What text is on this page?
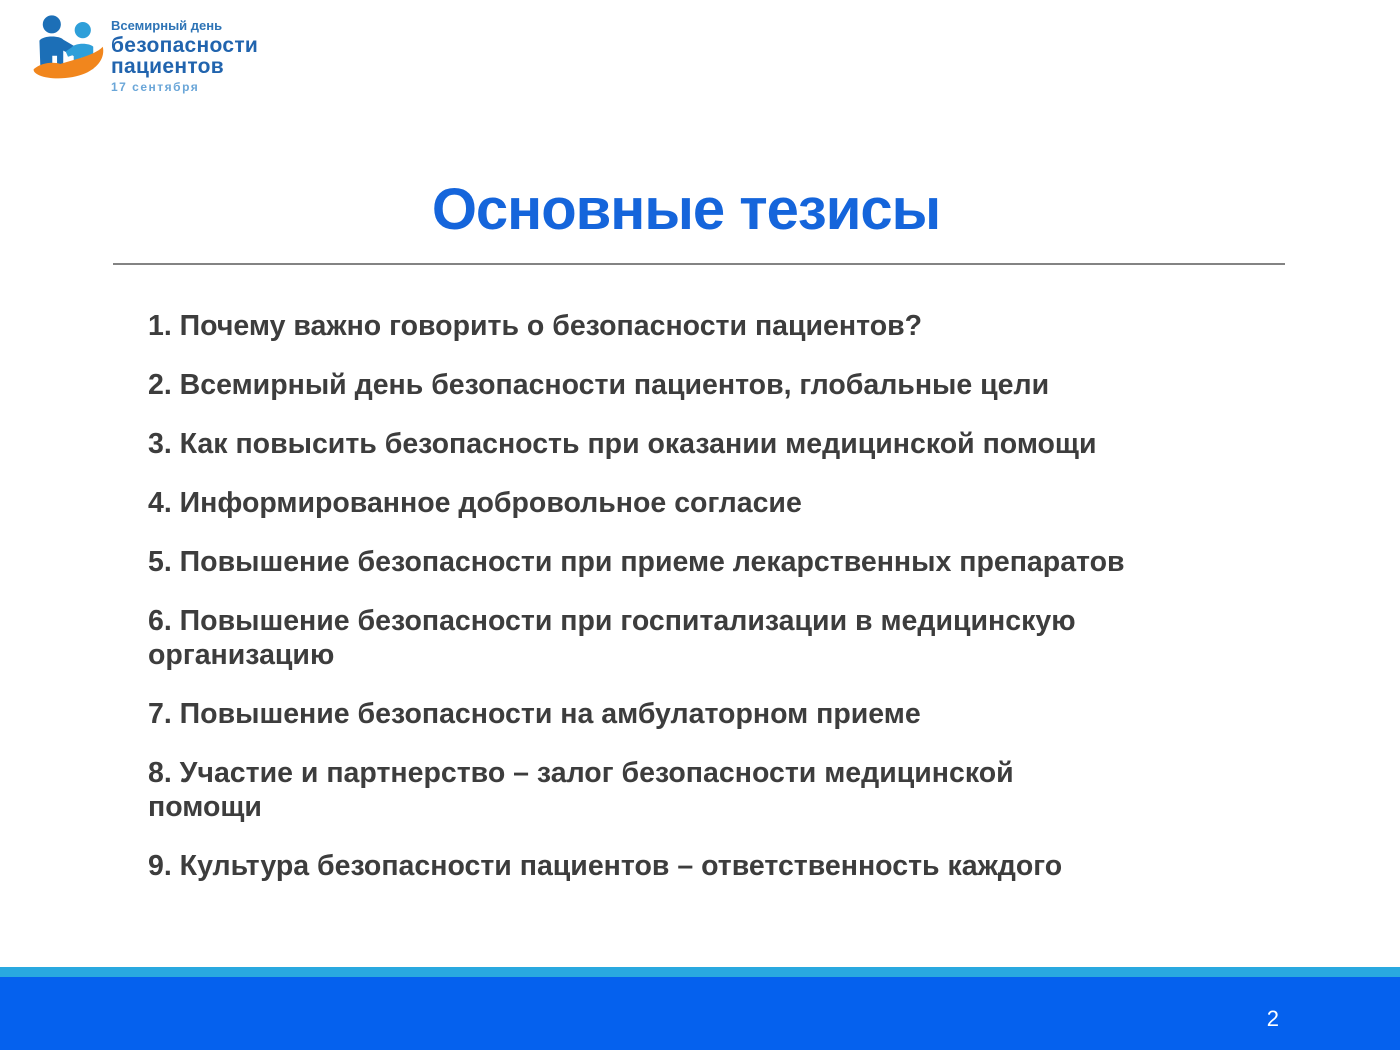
Всемирный день
безопасности
пациентов
17 сентября
Основные тезисы

1. Почему важно говорить о безопасности пациентов?

2. Всемирный день безопасности пациентов, глобальные цели

3. Как повысить безопасность при оказании медицинской помощи

4. Информированное добровольное согласие

5. Повышение безопасности при приеме лекарственных препаратов

6. Повышение безопасности при госпитализации в медицинскую
организацию

7. Повышение безопасности на амбулаторном приеме

8. Участие и партнерство – залог безопасности медицинской
помощи

9. Культура безопасности пациентов – ответственность каждого

2
